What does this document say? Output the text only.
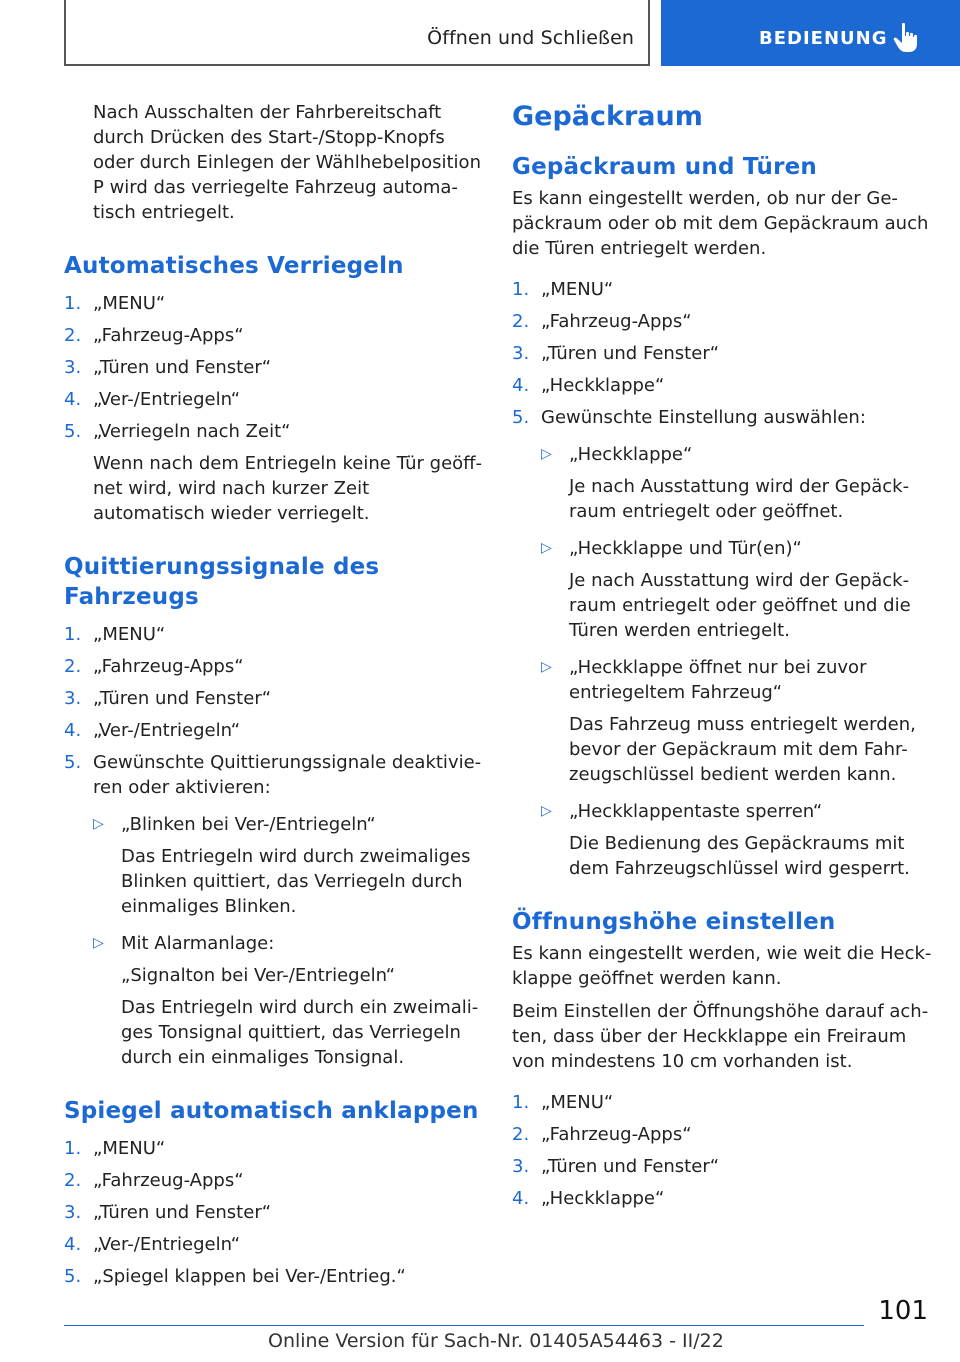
Öffnen und Schließen	BEDIENUNG

Nach Ausschalten der Fahrbereitschaft durch Drücken des Start-/Stopp-Knopfs oder durch Einlegen der Wählhebelposition P wird das verriegelte Fahrzeug automa-tisch entriegelt.

Automatisches Verriegeln
1. „MENU“
2. „Fahrzeug-Apps“
3. „Türen und Fenster“
4. „Ver-/Entriegeln“
5. „Verriegeln nach Zeit“

Wenn nach dem Entriegeln keine Tür geöff-net wird, wird nach kurzer Zeit automatisch wieder verriegelt.

Quittierungssignale des Fahrzeugs
1. „MENU“
2. „Fahrzeug-Apps“
3. „Türen und Fenster“
4. „Ver-/Entriegeln“
5. Gewünschte Quittierungssignale deaktivie-ren oder aktivieren:
▷ „Blinken bei Ver-/Entriegeln“

Das Entriegeln wird durch zweimaliges Blinken quittiert, das Verriegeln durch einmaliges Blinken.

▷ Mit Alarmanlage:

„Signalton bei Ver-/Entriegeln“

Das Entriegeln wird durch ein zweimali-ges Tonsignal quittiert, das Verriegeln durch ein einmaliges Tonsignal.

Spiegel automatisch anklappen
1. „MENU“
2. „Fahrzeug-Apps“
3. „Türen und Fenster“
4. „Ver-/Entriegeln“
5. „Spiegel klappen bei Ver-/Entrieg.“
Gepäckraum
Gepäckraum und Türen

Es kann eingestellt werden, ob nur der Ge-päckraum oder ob mit dem Gepäckraum auch die Türen entriegelt werden.

1. „MENU“
2. „Fahrzeug-Apps“
3. „Türen und Fenster“
4. „Heckklappe“
5. Gewünschte Einstellung auswählen:
▷ „Heckklappe“

Je nach Ausstattung wird der Gepäck-raum entriegelt oder geöffnet.

▷ „Heckklappe und Tür(en)“

Je nach Ausstattung wird der Gepäck-raum entriegelt oder geöffnet und die Türen werden entriegelt.

▷ „Heckklappe öffnet nur bei zuvor entriegeltem Fahrzeug“

Das Fahrzeug muss entriegelt werden, bevor der Gepäckraum mit dem Fahr-zeugschlüssel bedient werden kann.

▷ „Heckklappentaste sperren“

Die Bedienung des Gepäckraums mit dem Fahrzeugschlüssel wird gesperrt.

Öffnungshöhe einstellen

Es kann eingestellt werden, wie weit die Heck-klappe geöffnet werden kann.

Beim Einstellen der Öffnungshöhe darauf ach-ten, dass über der Heckklappe ein Freiraum von mindestens 10 cm vorhanden ist.

1. „MENU“
2. „Fahrzeug-Apps“
3. „Türen und Fenster“
4. „Heckklappe“
101
Online Version für Sach-Nr. 01405A54463 - II/22
